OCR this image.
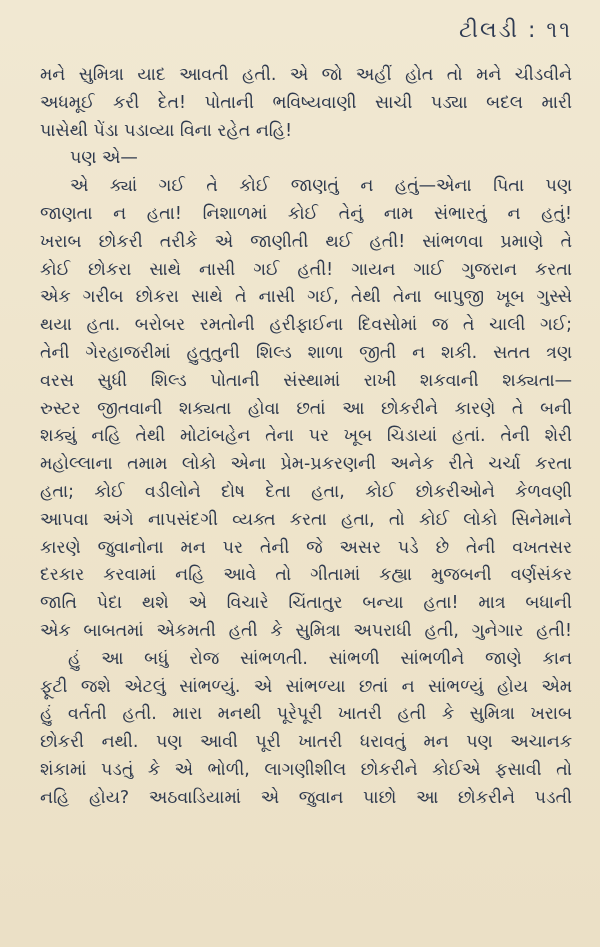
ટીલડી : ૧૧
મને સુમિત્રા યાદ આવતી હતી. એ જો અહીં હોત તો મને ચીડવીને
અધમૂઈ કરી દેત! પોતાની ભવિષ્યવાણી સાચી પડ્યા બદલ મારી
પાસેથી પેંડા પડાવ્યા વિના રહેત નહિ!
પણ એ—
એ ક્યાં ગઈ તે કોઈ જાણતું ન હતું—એના પિતા પણ
જાણતા ન હતા! નિશાળમાં કોઈ તેનું નામ સંભારતું ન હતું!
ખરાબ છોકરી તરીકે એ જાણીતી થઈ હતી! સાંભળવા પ્રમાણે તે
કોઈ છોકરા સાથે નાસી ગઈ હતી! ગાયન ગાઈ ગુજરાન કરતા
એક ગરીબ છોકરા સાથે તે નાસી ગઈ, તેથી તેના બાપુજી ખૂબ ગુસ્સે
થયા હતા. બરોબર રમતોની હરીફાઈના દિવસોમાં જ તે ચાલી ગઈ;
તેની ગેરહાજરીમાં હુતુતુની શિલ્ડ શાળા જીતી ન શકી. સતત ત્રણ
વરસ સુધી શિલ્ડ પોતાની સંસ્થામાં રાખી શકવાની શક્યતા—
રુસ્ટર જીતવાની શક્યતા હોવા છતાં આ છોકરીને કારણે તે બની
શક્યું નહિ તેથી મોટાંબહેન તેના પર ખૂબ ચિડાયાં હતાં. તેની શેરી
મહોલ્લાના તમામ લોકો એના પ્રેમ-પ્રકરણની અનેક રીતે ચર્ચા કરતા
હતા; કોઈ વડીલોને દોષ દેતા હતા, કોઈ છોકરીઓને કેળવણી
આપવા અંગે નાપસંદગી વ્યક્ત કરતા હતા, તો કોઈ લોકો સિનેમાને
કારણે જુવાનોના મન પર તેની જે અસર પડે છે તેની વખતસર
દરકાર કરવામાં નહિ આવે તો ગીતામાં કહ્યા મુજબની વર્ણસંકર
જાતિ પેદા થશે એ વિચારે ચિંતાતુર બન્યા હતા! માત્ર બધાની
એક બાબતમાં એકમતી હતી કે સુમિત્રા અપરાધી હતી, ગુનેગાર હતી!
હું આ બધું રોજ સાંભળતી. સાંભળી સાંભળીને જાણે કાન
ફૂટી જશે એટલું સાંભળ્યું. એ સાંભળ્યા છતાં ન સાંભળ્યું હોય એમ
હું વર્તતી હતી. મારા મનથી પૂરેપૂરી ખાતરી હતી કે સુમિત્રા ખરાબ
છોકરી નથી. પણ આવી પૂરી ખાતરી ધરાવતું મન પણ અચાનક
શંકામાં પડતું કે એ ભોળી, લાગણીશીલ છોકરીને કોઈએ ફસાવી તો
નહિ હોય? અઠવાડિયામાં એ જુવાન પાછો આ છોકરીને પડતી
